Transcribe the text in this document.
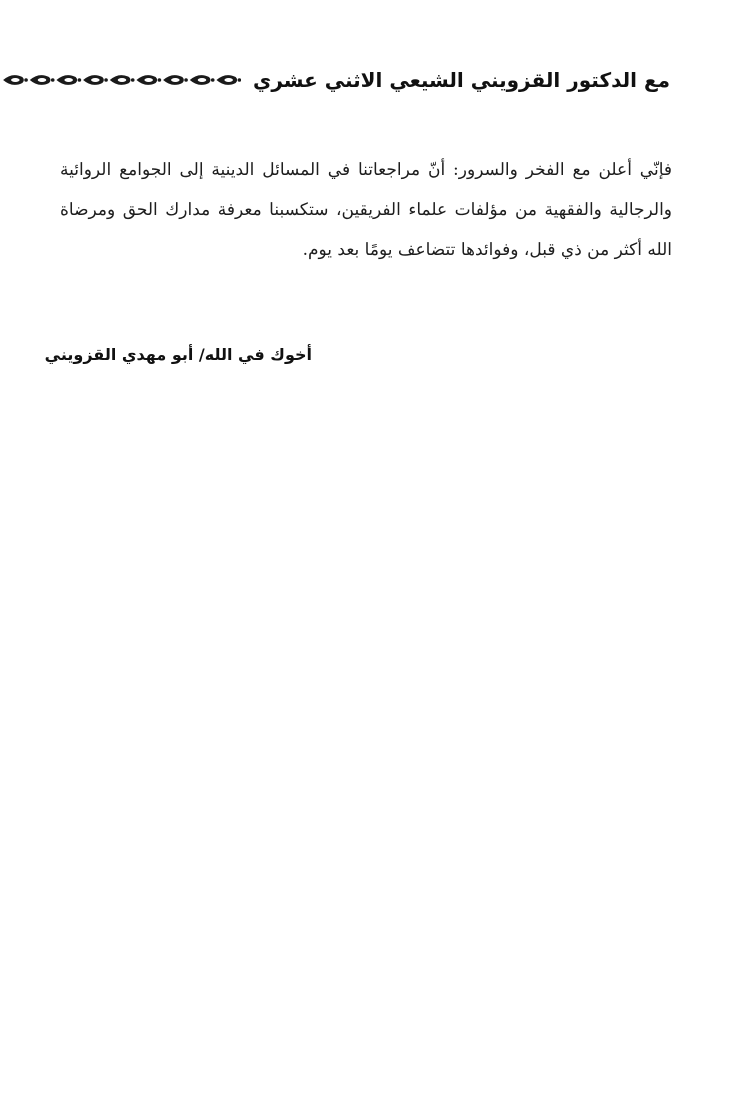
مع الدكتور القزويني الشيعي الاثني عشري

فإنّي أعلن مع الفخر والسرور: أنّ مراجعاتنا في المسائل الدينية إلى الجوامع الروائية والرجالية والفقهية من مؤلفات علماء الفريقين، ستكسبنا معرفة مدارك الحق ومرضاة الله أكثر من ذي قبل، وفوائدها تتضاعف يومًا بعد يوم.

أخوك في الله/ أبو مهدي القزويني
